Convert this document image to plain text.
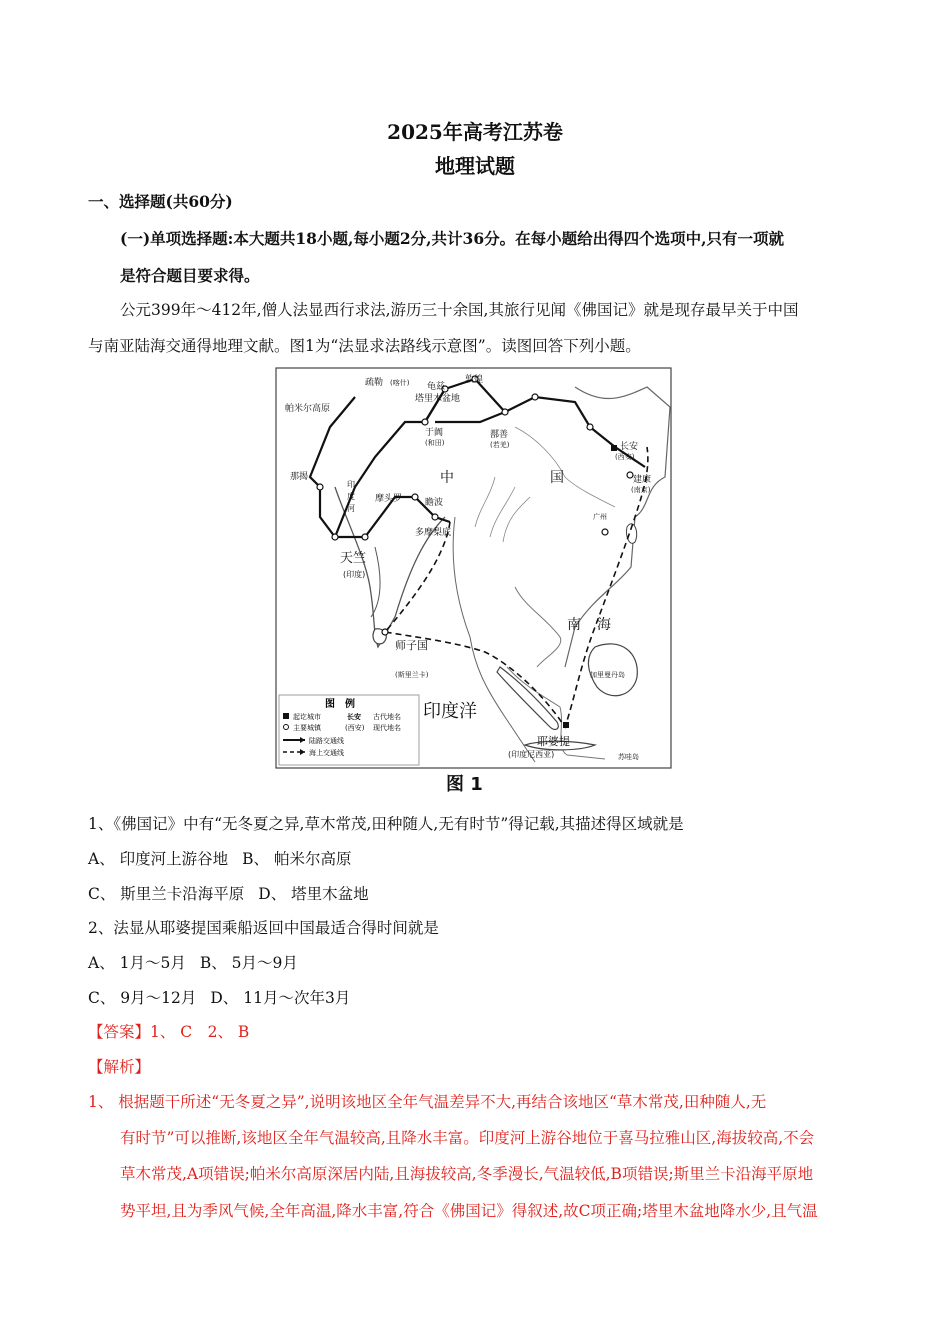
2025年高考江苏卷
地理试题
一、选择题(共60分)
(一)单项选择题:本大题共18小题,每小题2分,共计36分。在每小题给出得四个选项中,只有一项就
是符合题目要求得。
公元399年～412年,僧人法显西行求法,游历三十余国,其旅行见闻《佛国记》就是现存最早关于中国
与南亚陆海交通得地理文献。图1为“法显求法路线示意图”。读图回答下列小题。
帕米尔高原
疏勒 (喀什) 龟兹
塔里木盆地
敦煌
于阗
(和田)
鄯善
(若羌)	长安
(西安)
建康
(南京)
广州
那揭
摩头罗	瞻波
多摩梨底
(斯里兰卡)	加里曼丹岛
(印度尼西亚)	苏哇岛
印
度
河
中	国
天竺
(印度)
师子国
印度洋
南 海
耶婆提
图　例
起讫城市
主要城镇
长安 古代地名
(西安) 现代地名
陆路交通线
海上交通线
图 1
1、《佛国记》中有“无冬夏之异,草木常茂,田种随人,无有时节”得记载,其描述得区域就是
A、 印度河上游谷地 B、 帕米尔高原
C、 斯里兰卡沿海平原 D、 塔里木盆地
2、法显从耶婆提国乘船返回中国最适合得时间就是
A、 1月～5月 B、 5月～9月
C、 9月～12月 D、 11月～次年3月
【答案】1、 C　2、 B
【解析】
1、 根据题干所述“无冬夏之异”,说明该地区全年气温差异不大,再结合该地区“草木常茂,田种随人,无
有时节”可以推断,该地区全年气温较高,且降水丰富。印度河上游谷地位于喜马拉雅山区,海拔较高,不会
草木常茂,A项错误;帕米尔高原深居内陆,且海拔较高,冬季漫长,气温较低,B项错误;斯里兰卡沿海平原地
势平坦,且为季风气候,全年高温,降水丰富,符合《佛国记》得叙述,故C项正确;塔里木盆地降水少,且气温
